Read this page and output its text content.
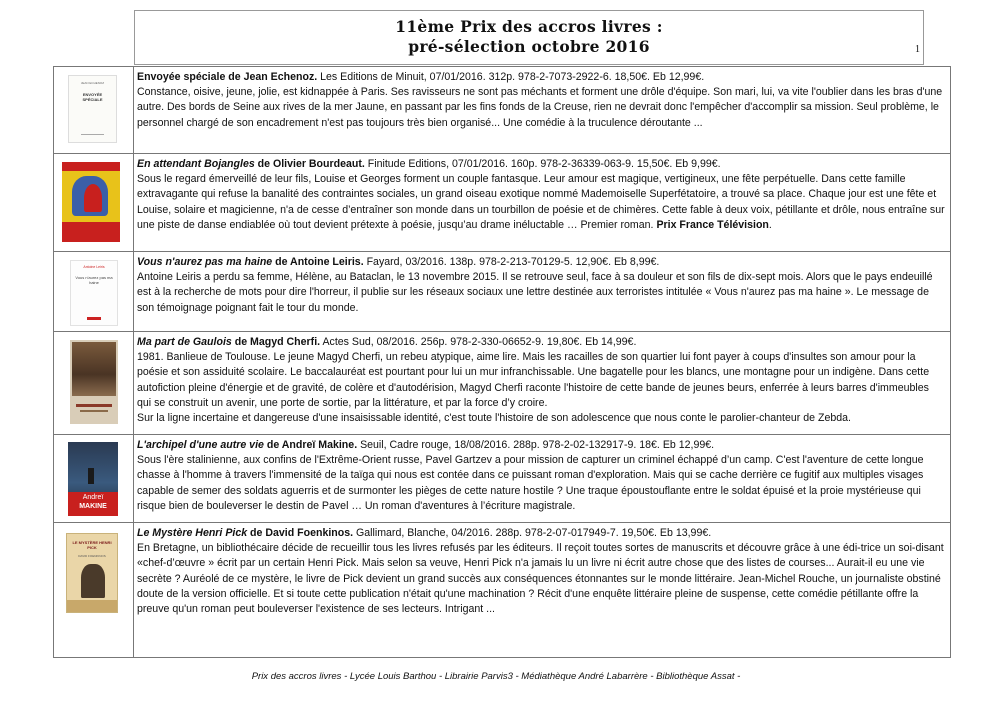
11ème Prix des accros livres :
pré-sélection octobre 2016	1
JEAN ECHENOZ
ENVOYÉE SPÉCIALE

Envoyée spéciale de Jean Echenoz. Les Editions de Minuit, 07/01/2016. 312p. 978-2-7073-2922-6. 18,50€. Eb 12,99€.

Constance, oisive, jeune, jolie, est kidnappée à Paris. Ses ravisseurs ne sont pas méchants et forment une drôle d'équipe. Son mari, lui, va vite l'oublier dans les bras d'une autre. Des bords de Seine aux rives de la mer Jaune, en passant par les fins fonds de la Creuse, rien ne devrait donc l'empêcher d'accomplir sa mission. Seul problème, le personnel chargé de son encadrement n'est pas toujours très bien organisé... Une comédie à la truculence déroutante ...

En attendant Bojangles de Olivier Bourdeaut. Finitude Editions, 07/01/2016. 160p. 978-2-36339-063-9. 15,50€. Eb 9,99€.

Sous le regard émerveillé de leur fils, Louise et Georges forment un couple fantasque. Leur amour est magique, vertigineux, une fête perpétuelle. Dans cette famille extravagante qui refuse la banalité des contraintes sociales, un grand oiseau exotique nommé Mademoiselle Superfétatoire, a trouvé sa place. Chaque jour est une fête et Louise, solaire et magicienne, n'a de cesse d’entraîner son monde dans un tourbillon de poésie et de chimères. Cette fable à deux voix, pétillante et drôle, nous entraîne sur une piste de danse endiablée où tout devient prétexte à poésie, jusqu’au drame inéluctable … Premier roman. Prix France Télévision.

Antoine Leiris
Vous n'aurez pas ma haine

Vous n'aurez pas ma haine de Antoine Leiris. Fayard, 03/2016. 138p. 978-2-213-70129-5. 12,90€. Eb 8,99€.

Antoine Leiris a perdu sa femme, Hélène, au Bataclan, le 13 novembre 2015. Il se retrouve seul, face à sa douleur et son fils de dix-sept mois. Alors que le pays endeuillé est à la recherche de mots pour dire l'horreur, il publie sur les réseaux sociaux une lettre destinée aux terroristes intitulée « Vous n'aurez pas ma haine ». Le message de son témoignage poignant fait le tour du monde.

Ma part de Gaulois de Magyd Cherfi. Actes Sud, 08/2016. 256p. 978-2-330-06652-9. 19,80€. Eb 14,99€.

1981. Banlieue de Toulouse. Le jeune Magyd Cherfi, un rebeu atypique, aime lire. Mais les racailles de son quartier lui font payer à coups d'insultes son amour pour la poésie et son assiduité scolaire. Le baccalauréat est pourtant pour lui un mur infranchissable. Une bagatelle pour les blancs, une montagne pour un indigène. Dans cette autofiction pleine d'énergie et de gravité, de colère et d'autodérision, Magyd Cherfi raconte l'histoire de cette bande de jeunes beurs, enferrée à leurs barres d'immeubles qui se construit un avenir, une porte de sortie, par la littérature, et par la force d’y croire.

Sur la ligne incertaine et dangereuse d'une insaisissable identité, c'est toute l'histoire de son adolescence que nous conte le parolier-chanteur de Zebda.

Andreï
MAKINE

L'archipel d'une autre vie de Andreï Makine. Seuil, Cadre rouge, 18/08/2016. 288p. 978-2-02-132917-9. 18€. Eb 12,99€.

Sous l'ère stalinienne, aux confins de l'Extrême-Orient russe, Pavel Gartzev a pour mission de capturer un criminel échappé d’un camp. C'est l'aventure de cette longue chasse à l'homme à travers l'immensité de la taïga qui nous est contée dans ce puissant roman d'exploration. Mais qui se cache derrière ce fugitif aux multiples visages capable de semer des soldats aguerris et de surmonter les pièges de cette nature hostile ? Une traque époustouflante entre le soldat épuisé et la proie mystérieuse qui risque bien de bouleverser le destin de Pavel … Un roman d'aventures à l’écriture magistrale.

LE MYSTÈRE HENRI PICK
DAVID FOENKINOS

Le Mystère Henri Pick de David Foenkinos. Gallimard, Blanche, 04/2016. 288p. 978-2-07-017949-7. 19,50€. Eb 13,99€.

En Bretagne, un bibliothécaire décide de recueillir tous les livres refusés par les éditeurs. Il reçoit toutes sortes de manuscrits et découvre grâce à une édi-trice un soi-disant «chef-d’œuvre » écrit par un certain Henri Pick. Mais selon sa veuve, Henri Pick n'a jamais lu un livre ni écrit autre chose que des listes de courses... Aurait-il eu une vie secrète ? Auréolé de ce mystère, le livre de Pick devient un grand succès aux conséquences étonnantes sur le monde littéraire. Jean-Michel Rouche, un journaliste obstiné doute de la version officielle. Et si toute cette publication n'était qu'une machination ? Récit d'une enquête littéraire pleine de suspense, cette comédie pétillante offre la preuve qu'un roman peut bouleverser l'existence de ses lecteurs. Intrigant ...

Prix des accros livres - Lycée Louis Barthou - Librairie Parvis3 - Médiathèque André Labarrère - Bibliothèque Assat -
